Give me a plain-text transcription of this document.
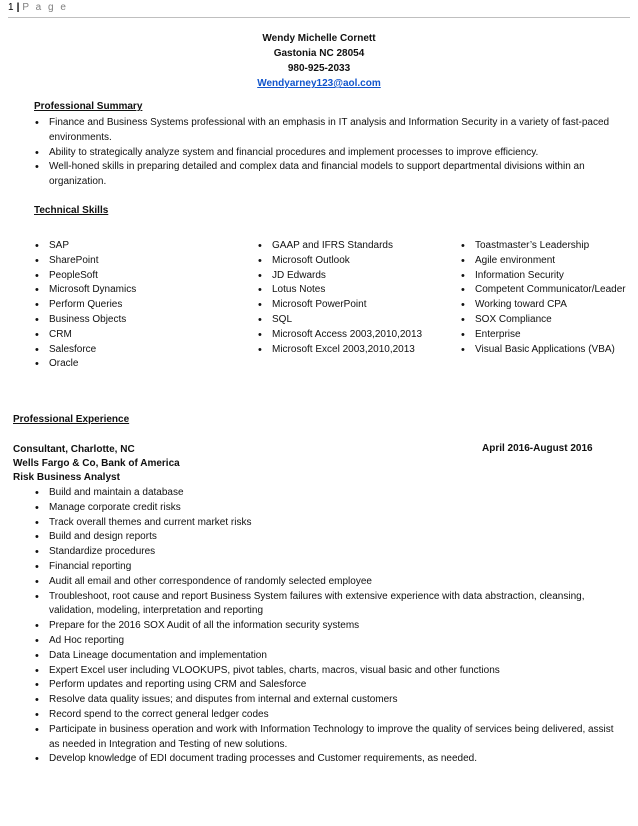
1 | P a g e
Wendy Michelle Cornett
Gastonia NC 28054
980-925-2033
Wendyarney123@aol.com
Professional Summary
• Finance and Business Systems professional with an emphasis in IT analysis and Information Security in a variety of fast-paced environments.
• Ability to strategically analyze system and financial procedures and implement processes to improve efficiency.
• Well-honed skills in preparing detailed and complex data and financial models to support departmental divisions within an organization.
Technical Skills
• SAP
• SharePoint
• PeopleSoft
• Microsoft Dynamics
• Perform Queries
• Business Objects
• CRM
• Salesforce
• Oracle
• GAAP and IFRS Standards
• Microsoft Outlook
• JD Edwards
• Lotus Notes
• Microsoft PowerPoint
• SQL
• Microsoft Access 2003,2010,2013
• Microsoft Excel 2003,2010,2013
• Toastmaster’s Leadership
• Agile environment
• Information Security
• Competent Communicator/Leader
• Working toward CPA
• SOX Compliance
• Enterprise
• Visual Basic Applications (VBA)
Professional Experience
Consultant, Charlotte, NC	April 2016-August 2016
Wells Fargo & Co, Bank of America
Risk Business Analyst
• Build and maintain a database
• Manage corporate credit risks
• Track overall themes and current market risks
• Build and design reports
• Standardize procedures
• Financial reporting
• Audit all email and other correspondence of randomly selected employee
• Troubleshoot, root cause and report Business System failures with extensive experience with data abstraction, cleansing, validation, modeling, interpretation and reporting
• Prepare for the 2016 SOX Audit of all the information security systems
• Ad Hoc reporting
• Data Lineage documentation and implementation
• Expert Excel user including VLOOKUPS, pivot tables, charts, macros, visual basic and other functions
• Perform updates and reporting using CRM and Salesforce
• Resolve data quality issues; and disputes from internal and external customers
• Record spend to the correct general ledger codes
• Participate in business operation and work with Information Technology to improve the quality of services being delivered, assist as needed in Integration and Testing of new solutions.
• Develop knowledge of EDI document trading processes and Customer requirements, as needed.
